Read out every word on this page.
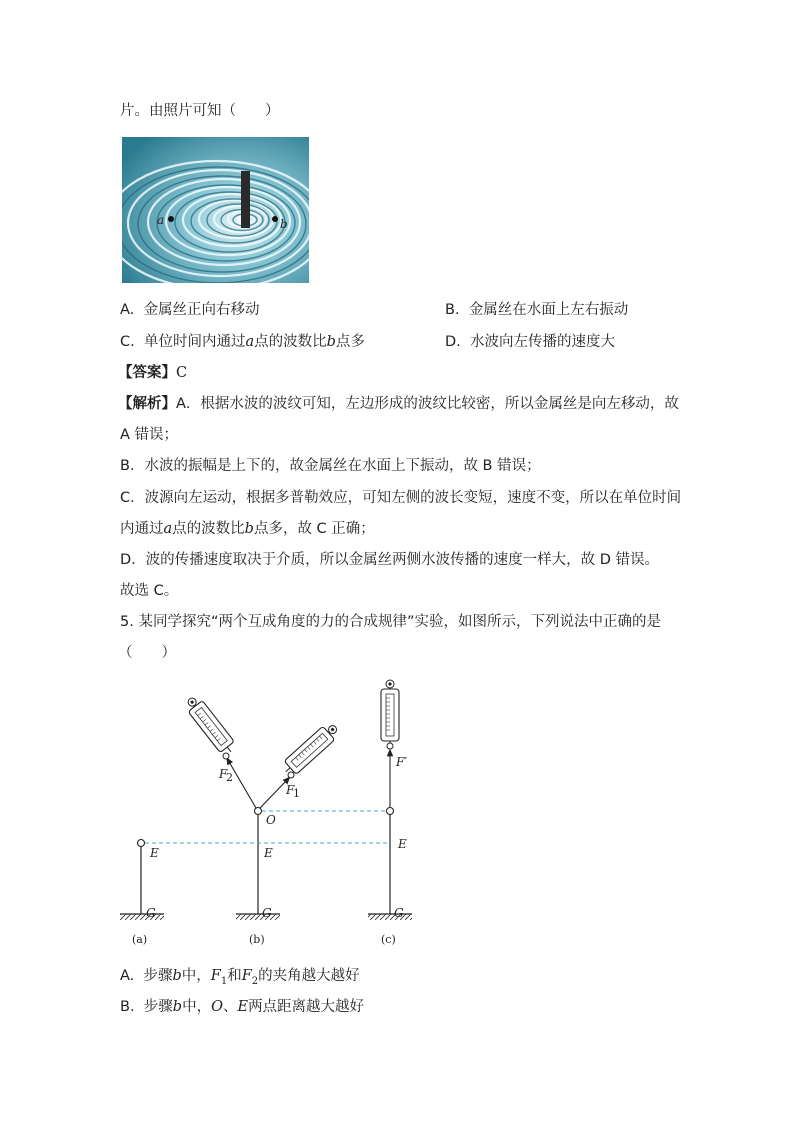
片。由照片可知（　　）
a	b
A. 金属丝正向右移动	B. 金属丝在水面上左右振动
C. 单位时间内通过a点的波数比b点多	D. 水波向左传播的速度大
【答案】C
【解析】A．根据水波的波纹可知，左边形成的波纹比较密，所以金属丝是向左移动，故
A 错误；
B．水波的振幅是上下的，故金属丝在水面上下振动，故 B 错误；
C．波源向左运动，根据多普勒效应，可知左侧的波长变短，速度不变，所以在单位时间
内通过a点的波数比b点多，故 C 正确；
D．波的传播速度取决于介质，所以金属丝两侧水波传播的速度一样大，故 D 错误。
故选 C。
5. 某同学探究“两个互成角度的力的合成规律”实验，如图所示，下列说法中正确的是
（　　）
E	E
E
O
G	G	G
F
2
F
1
F′
(a)	(b)	(c)
A. 步骤b中，$F_1$和$F_2$的夹角越大越好
B. 步骤b中，O、E两点距离越大越好
